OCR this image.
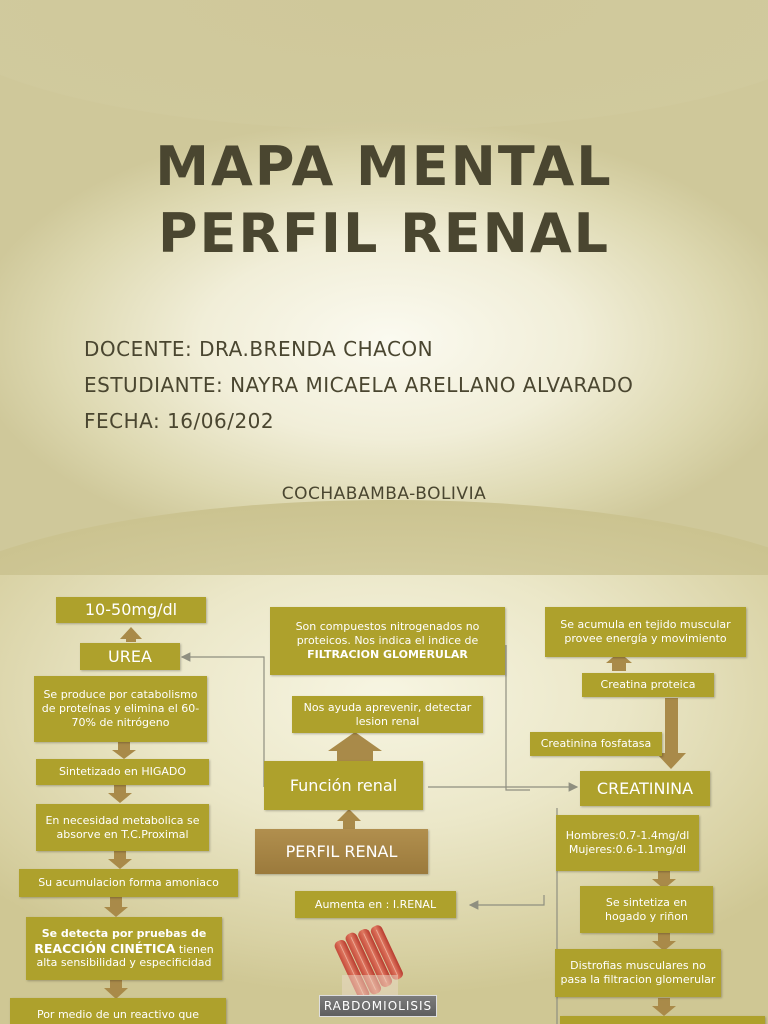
MAPA MENTAL
PERFIL RENAL
DOCENTE: DRA.BRENDA CHACON
ESTUDIANTE: NAYRA MICAELA ARELLANO ALVARADO
FECHA: 16/06/202
COCHABAMBA-BOLIVIA
10-50mg/dl
UREA
Se produce por catabolismo de proteínas y elimina el 60-70% de nitrógeno
Sintetizado en HIGADO
En necesidad metabolica se absorve en T.C.Proximal
Su acumulacion forma amoniaco
Se detecta por pruebas de
REACCIÓN CINÉTICA tienen alta sensibilidad y especificidad
Por medio de un reactivo que
Son compuestos nitrogenados no proteicos. Nos indica el indice de
FILTRACION GLOMERULAR
Nos ayuda aprevenir, detectar lesion renal
Función renal
PERFIL RENAL
Aumenta en : I.RENAL
RABDOMIOLISIS
Se acumula en tejido muscular provee energía y movimiento
Creatina proteica
Creatinina fosfatasa
CREATININA
Hombres:0.7-1.4mg/dl
Mujeres:0.6-1.1mg/dl
Se sintetiza en hogado y riñon
Distrofias musculares no pasa la filtracion glomerular
